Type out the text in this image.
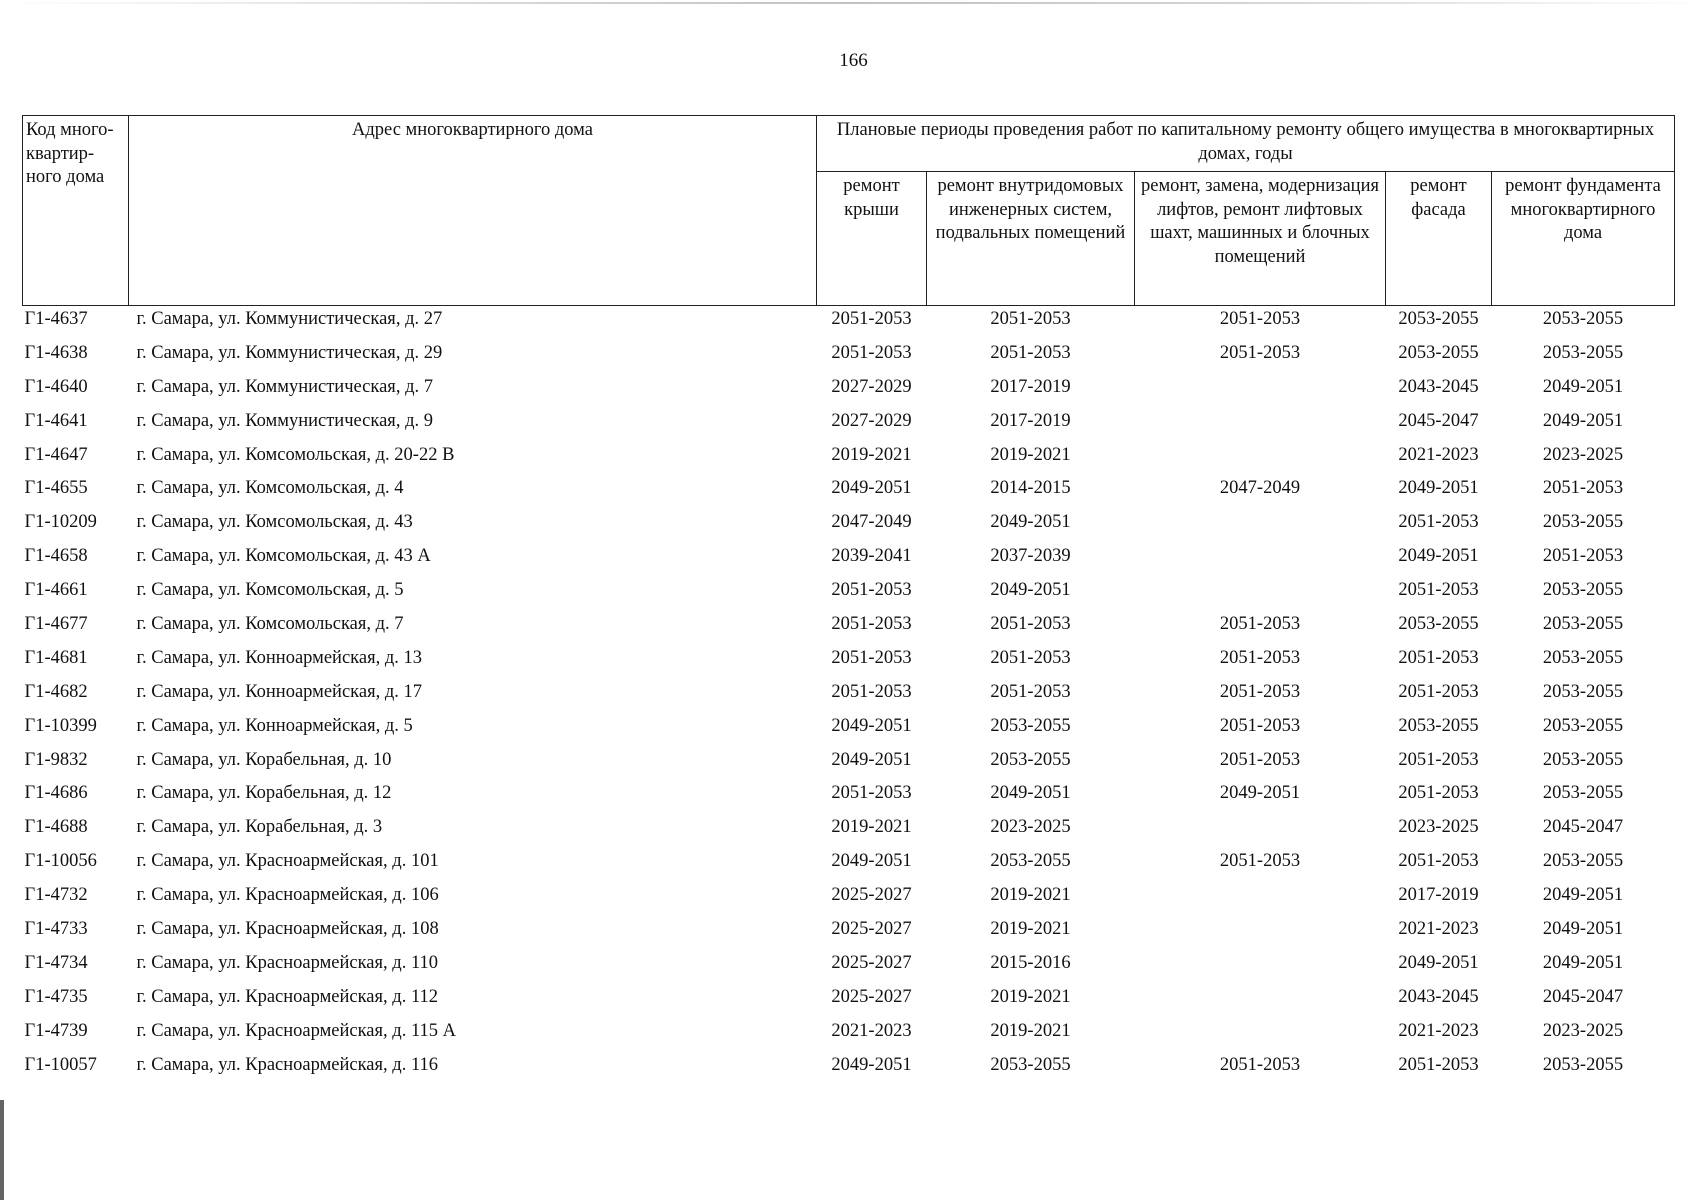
166
Код много-квартир-ного дома	Адрес многоквартирного дома	Плановые периоды проведения работ по капитальному ремонту общего имущества в многоквартирных домах, годы				
		ремонт крыши	ремонт внутридомовых инженерных систем, подвальных помещений	ремонт, замена, модернизация лифтов, ремонт лифтовых шахт, машинных и блочных помещений	ремонт фасада	ремонт фундамента многоквартирного дома
Г1-4637	г. Самара, ул. Коммунистическая, д. 27	2051-2053	2051-2053	2051-2053	2053-2055	2053-2055
Г1-4638	г. Самара, ул. Коммунистическая, д. 29	2051-2053	2051-2053	2051-2053	2053-2055	2053-2055
Г1-4640	г. Самара, ул. Коммунистическая, д. 7	2027-2029	2017-2019		2043-2045	2049-2051
Г1-4641	г. Самара, ул. Коммунистическая, д. 9	2027-2029	2017-2019		2045-2047	2049-2051
Г1-4647	г. Самара, ул. Комсомольская, д. 20-22 В	2019-2021	2019-2021		2021-2023	2023-2025
Г1-4655	г. Самара, ул. Комсомольская, д. 4	2049-2051	2014-2015	2047-2049	2049-2051	2051-2053
Г1-10209	г. Самара, ул. Комсомольская, д. 43	2047-2049	2049-2051		2051-2053	2053-2055
Г1-4658	г. Самара, ул. Комсомольская, д. 43 А	2039-2041	2037-2039		2049-2051	2051-2053
Г1-4661	г. Самара, ул. Комсомольская, д. 5	2051-2053	2049-2051		2051-2053	2053-2055
Г1-4677	г. Самара, ул. Комсомольская, д. 7	2051-2053	2051-2053	2051-2053	2053-2055	2053-2055
Г1-4681	г. Самара, ул. Конноармейская, д. 13	2051-2053	2051-2053	2051-2053	2051-2053	2053-2055
Г1-4682	г. Самара, ул. Конноармейская, д. 17	2051-2053	2051-2053	2051-2053	2051-2053	2053-2055
Г1-10399	г. Самара, ул. Конноармейская, д. 5	2049-2051	2053-2055	2051-2053	2053-2055	2053-2055
Г1-9832	г. Самара, ул. Корабельная, д. 10	2049-2051	2053-2055	2051-2053	2051-2053	2053-2055
Г1-4686	г. Самара, ул. Корабельная, д. 12	2051-2053	2049-2051	2049-2051	2051-2053	2053-2055
Г1-4688	г. Самара, ул. Корабельная, д. 3	2019-2021	2023-2025		2023-2025	2045-2047
Г1-10056	г. Самара, ул. Красноармейская, д. 101	2049-2051	2053-2055	2051-2053	2051-2053	2053-2055
Г1-4732	г. Самара, ул. Красноармейская, д. 106	2025-2027	2019-2021		2017-2019	2049-2051
Г1-4733	г. Самара, ул. Красноармейская, д. 108	2025-2027	2019-2021		2021-2023	2049-2051
Г1-4734	г. Самара, ул. Красноармейская, д. 110	2025-2027	2015-2016		2049-2051	2049-2051
Г1-4735	г. Самара, ул. Красноармейская, д. 112	2025-2027	2019-2021		2043-2045	2045-2047
Г1-4739	г. Самара, ул. Красноармейская, д. 115 А	2021-2023	2019-2021		2021-2023	2023-2025
Г1-10057	г. Самара, ул. Красноармейская, д. 116	2049-2051	2053-2055	2051-2053	2051-2053	2053-2055
